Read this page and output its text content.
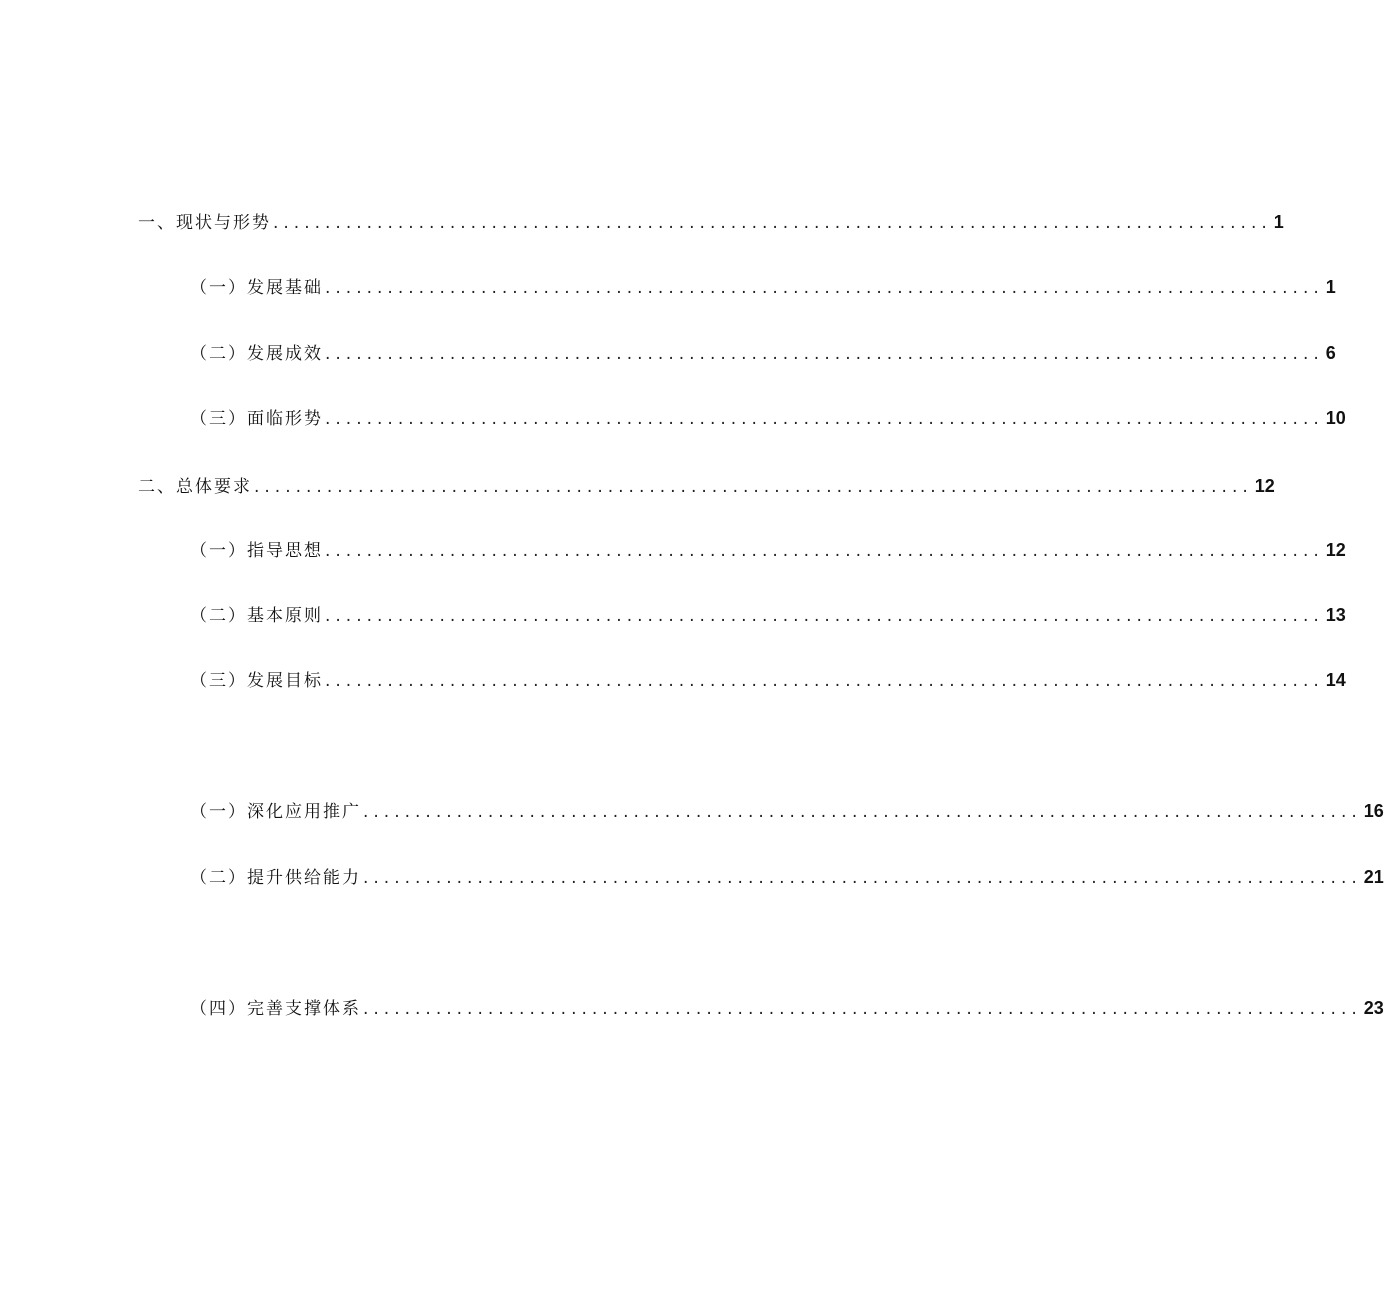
一、现状与形势 ................................................................................................ 1
（一）发展基础 ................................................................................................ 1
（二）发展成效 ................................................................................................ 6
（三）面临形势 ................................................................................................ 10
二、总体要求 ................................................................................................ 12
（一）指导思想 ................................................................................................ 12
（二）基本原则 ................................................................................................ 13
（三）发展目标 ................................................................................................ 14
（一）深化应用推广 ................................................................................................ 16
（二）提升供给能力 ................................................................................................ 21
（四）完善支撑体系 ................................................................................................ 23
